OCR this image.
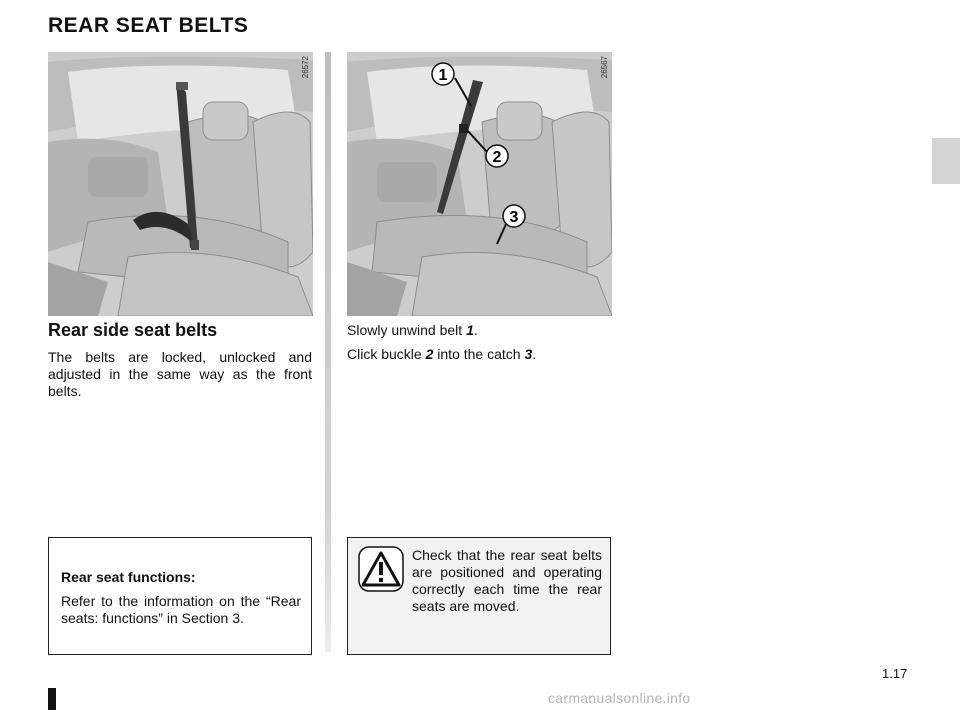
REAR SEAT BELTS
26572	1
2
3
26567
Rear side seat belts

The belts are locked, unlocked and adjusted in the same way as the front belts.

Slowly unwind belt 1.

Click buckle 2 into the catch 3.

Rear seat functions:

Refer to the information on the “Rear seats: functions” in Section 3.

Check that the rear seat belts are positioned and operating correctly each time the rear seats are moved.

1.17
carmanualsonline.info
